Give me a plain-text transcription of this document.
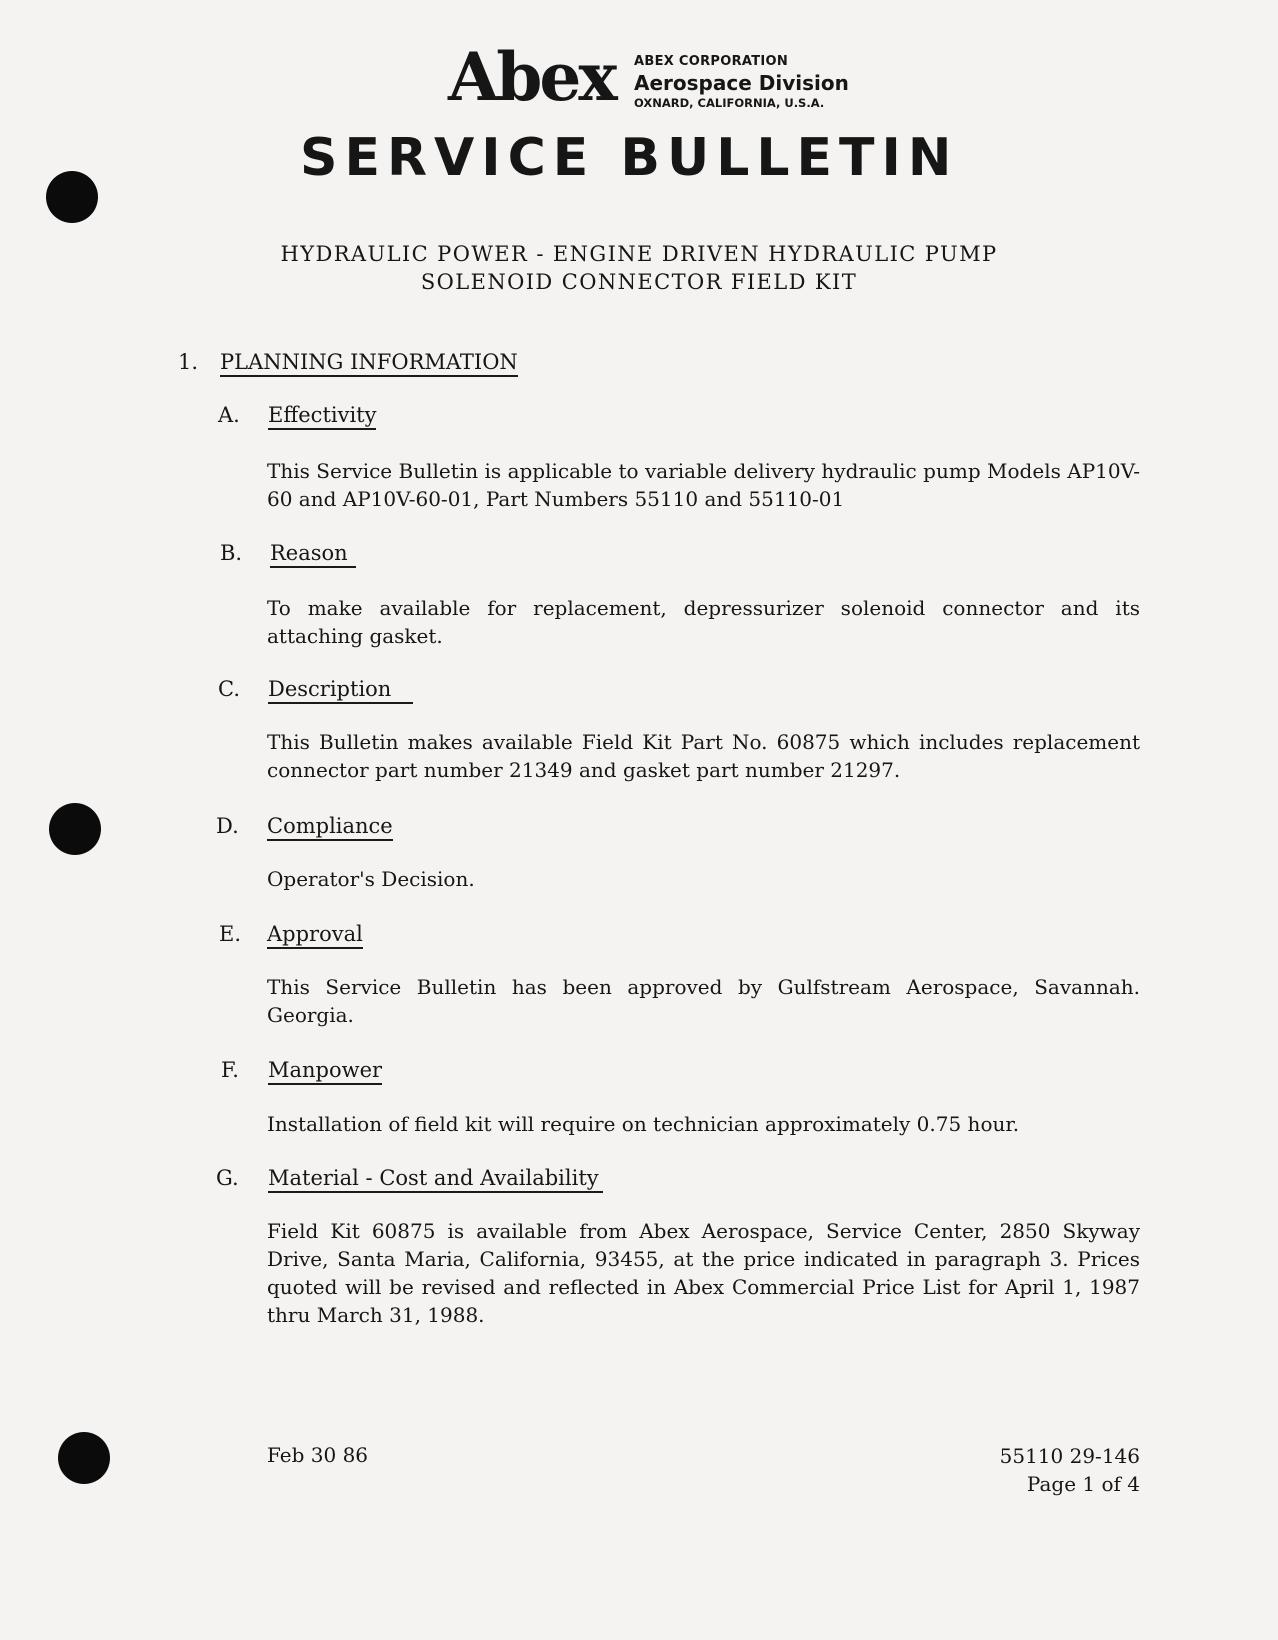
Abex ABEX CORPORATION
Aerospace Division
OXNARD, CALIFORNIA, U.S.A.
SERVICE BULLETIN
HYDRAULIC POWER - ENGINE DRIVEN HYDRAULIC PUMP
SOLENOID CONNECTOR FIELD KIT
1. PLANNING INFORMATION
A. Effectivity
This Service Bulletin is applicable to variable delivery hydraulic pump Models AP10V-60 and AP10V-60-01, Part Numbers 55110 and 55110-01
B. Reason
To make available for replacement, depressurizer solenoid connector and its attaching gasket.
C. Description
This Bulletin makes available Field Kit Part No. 60875 which includes replacement connector part number 21349 and gasket part number 21297.
D. Compliance
Operator's Decision.
E. Approval
This Service Bulletin has been approved by Gulfstream Aerospace, Savannah. Georgia.
F. Manpower
Installation of field kit will require on technician approximately 0.75 hour.
G. Material - Cost and Availability
Field Kit 60875 is available from Abex Aerospace, Service Center, 2850 Skyway Drive, Santa Maria, California, 93455, at the price indicated in paragraph 3. Prices quoted will be revised and reflected in Abex Commercial Price List for April 1, 1987 thru March 31, 1988.
Feb 30 86	55110 29-146
Page 1 of 4
